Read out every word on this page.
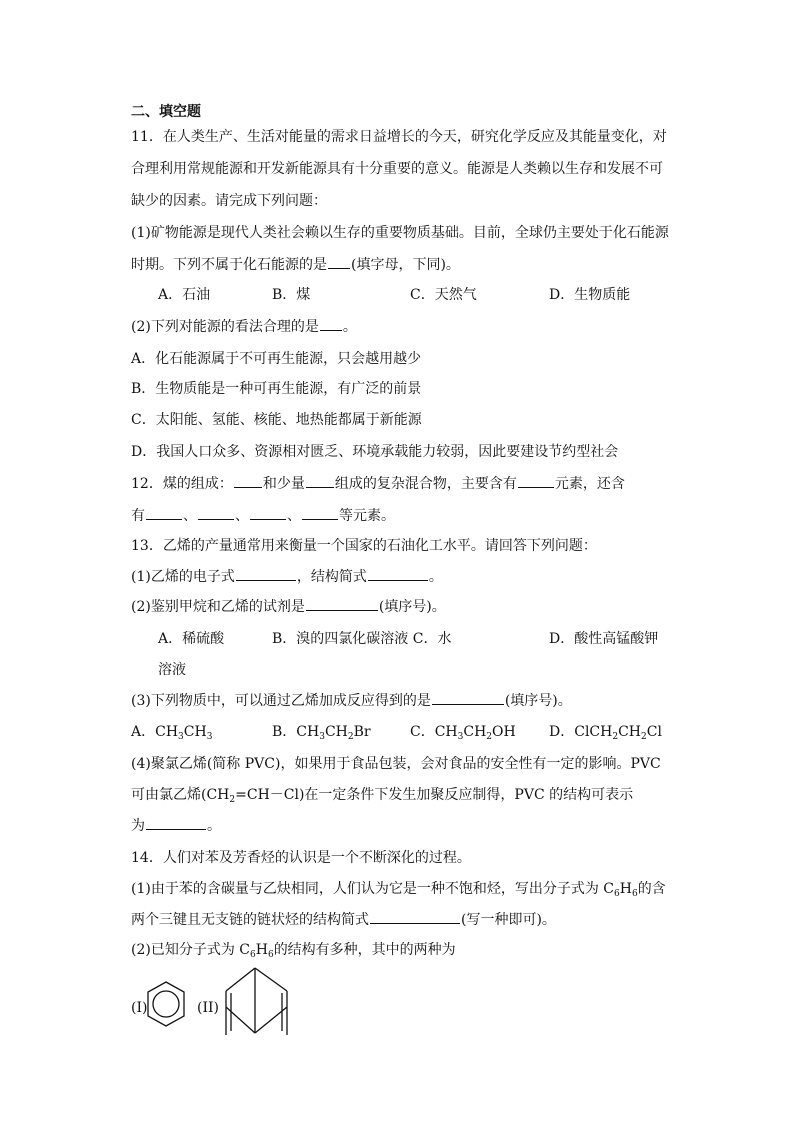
二、填空题
11．在人类生产、生活对能量的需求日益增长的今天，研究化学反应及其能量变化，对
合理利用常规能源和开发新能源具有十分重要的意义。能源是人类赖以生存和发展不可
缺少的因素。请完成下列问题：
(1)矿物能源是现代人类社会赖以生存的重要物质基础。目前，全球仍主要处于化石能源
时期。下列不属于化石能源的是 (填字母，下同)。
A．石油	B．煤	C．天然气	D．生物质能
(2)下列对能源的看法合理的是 。
A．化石能源属于不可再生能源，只会越用越少
B．生物质能是一种可再生能源，有广泛的前景
C．太阳能、氢能、核能、地热能都属于新能源
D．我国人口众多、资源相对匮乏、环境承载能力较弱，因此要建设节约型社会
12．煤的组成： 和少量 组成的复杂混合物，主要含有	元素，还含
有	、	、	、	等元素。
13．乙烯的产量通常用来衡量一个国家的石油化工水平。请回答下列问题：
(1)乙烯的电子式	，结构简式	。
(2)鉴别甲烷和乙烯的试剂是	(填序号)。
A．稀硫酸	B．溴的四氯化碳溶液 C．水	D．酸性高锰酸钾
溶液
(3)下列物质中，可以通过乙烯加成反应得到的是	(填序号)。
A．$CH_3CH_3$	B．$CH_3CH_2Br$	C．$CH_3CH_2OH$ D．$ClCH_2CH_2Cl$
(4)聚氯乙烯(简称 PVC)，如果用于食品包装，会对食品的安全性有一定的影响。PVC
可由氯乙烯$(CH_2=CH-Cl)$在一定条件下发生加聚反应制得，PVC 的结构可表示
为	。
14．人们对苯及芳香烃的认识是一个不断深化的过程。
(1)由于苯的含碳量与乙炔相同，人们认为它是一种不饱和烃，写出分子式为 $C_6H_6$的含
两个三键且无支链的链状烃的结构简式	(写一种即可)。
(2)已知分子式为 $C_6H_6$的结构有多种，其中的两种为
(I)	(II)
